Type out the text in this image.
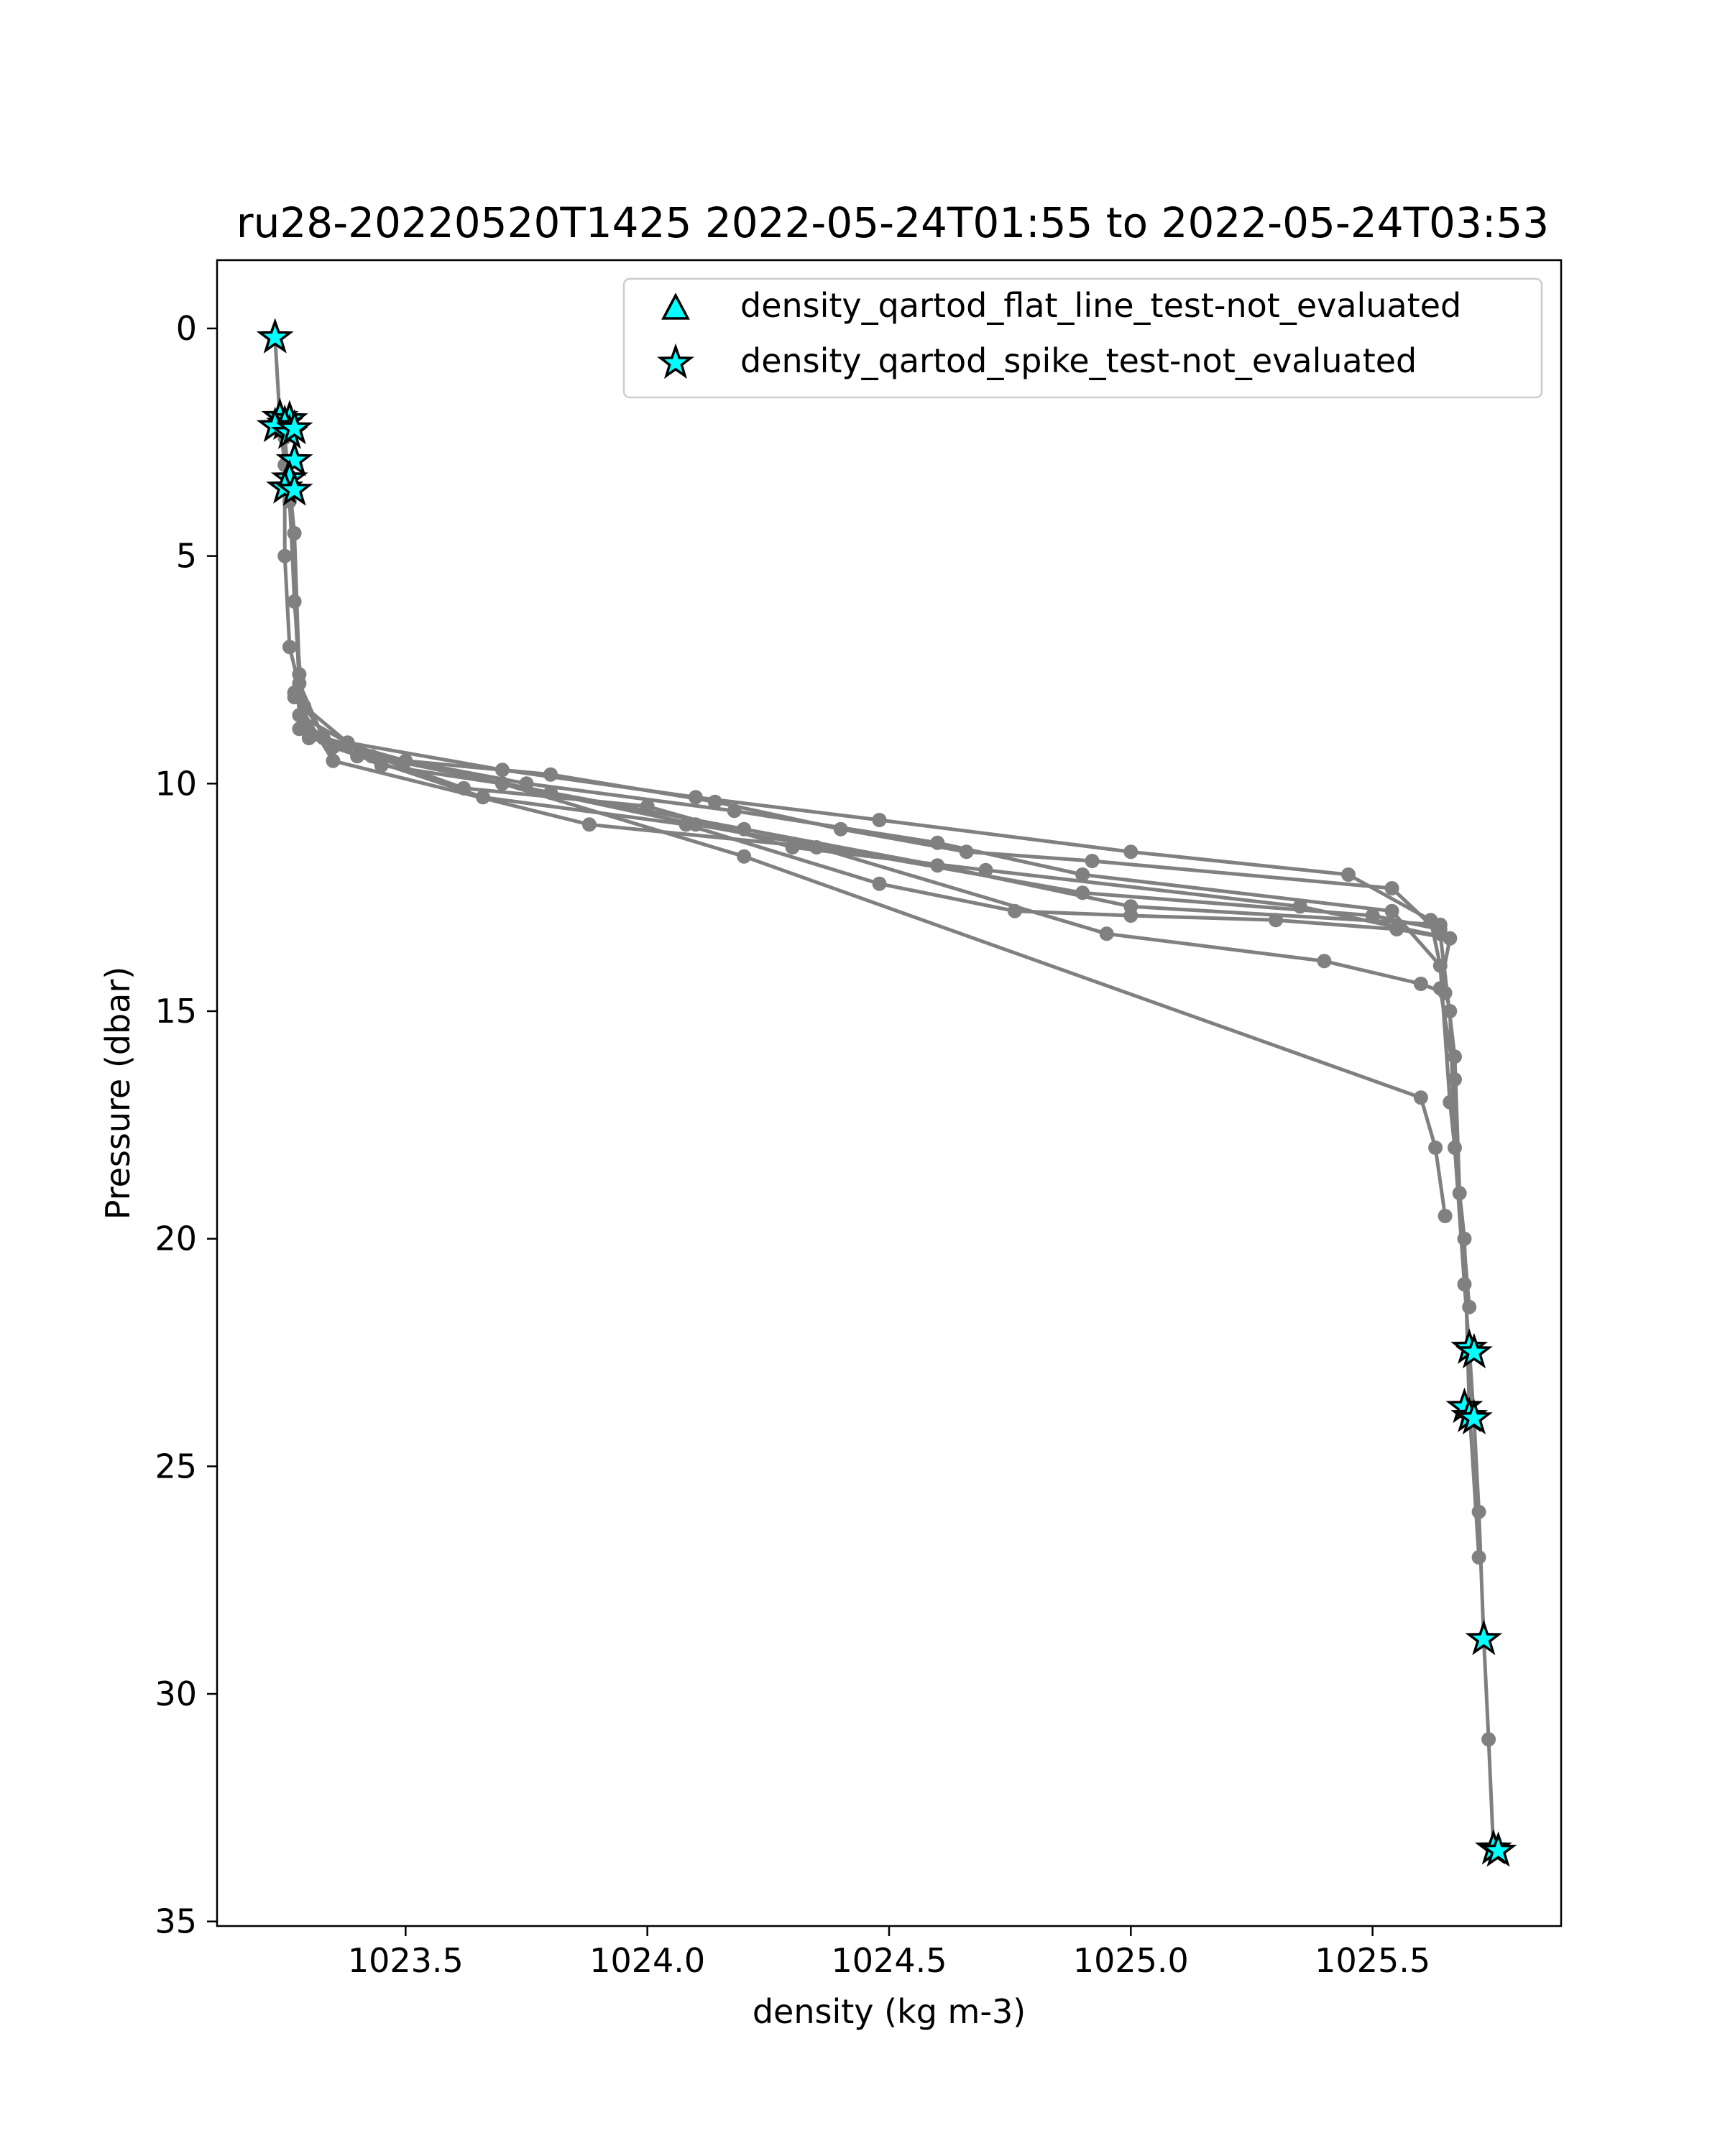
ru28-20220520T1425 2022-05-24T01:55 to 2022-05-24T03:53
1023.5	1024.0	1024.5	1025.0	1025.5
0
5
10
15
20
25
30
35
density (kg m-3)
Pressure (dbar)
density_qartod_flat_line_test-not_evaluated
density_qartod_spike_test-not_evaluated
